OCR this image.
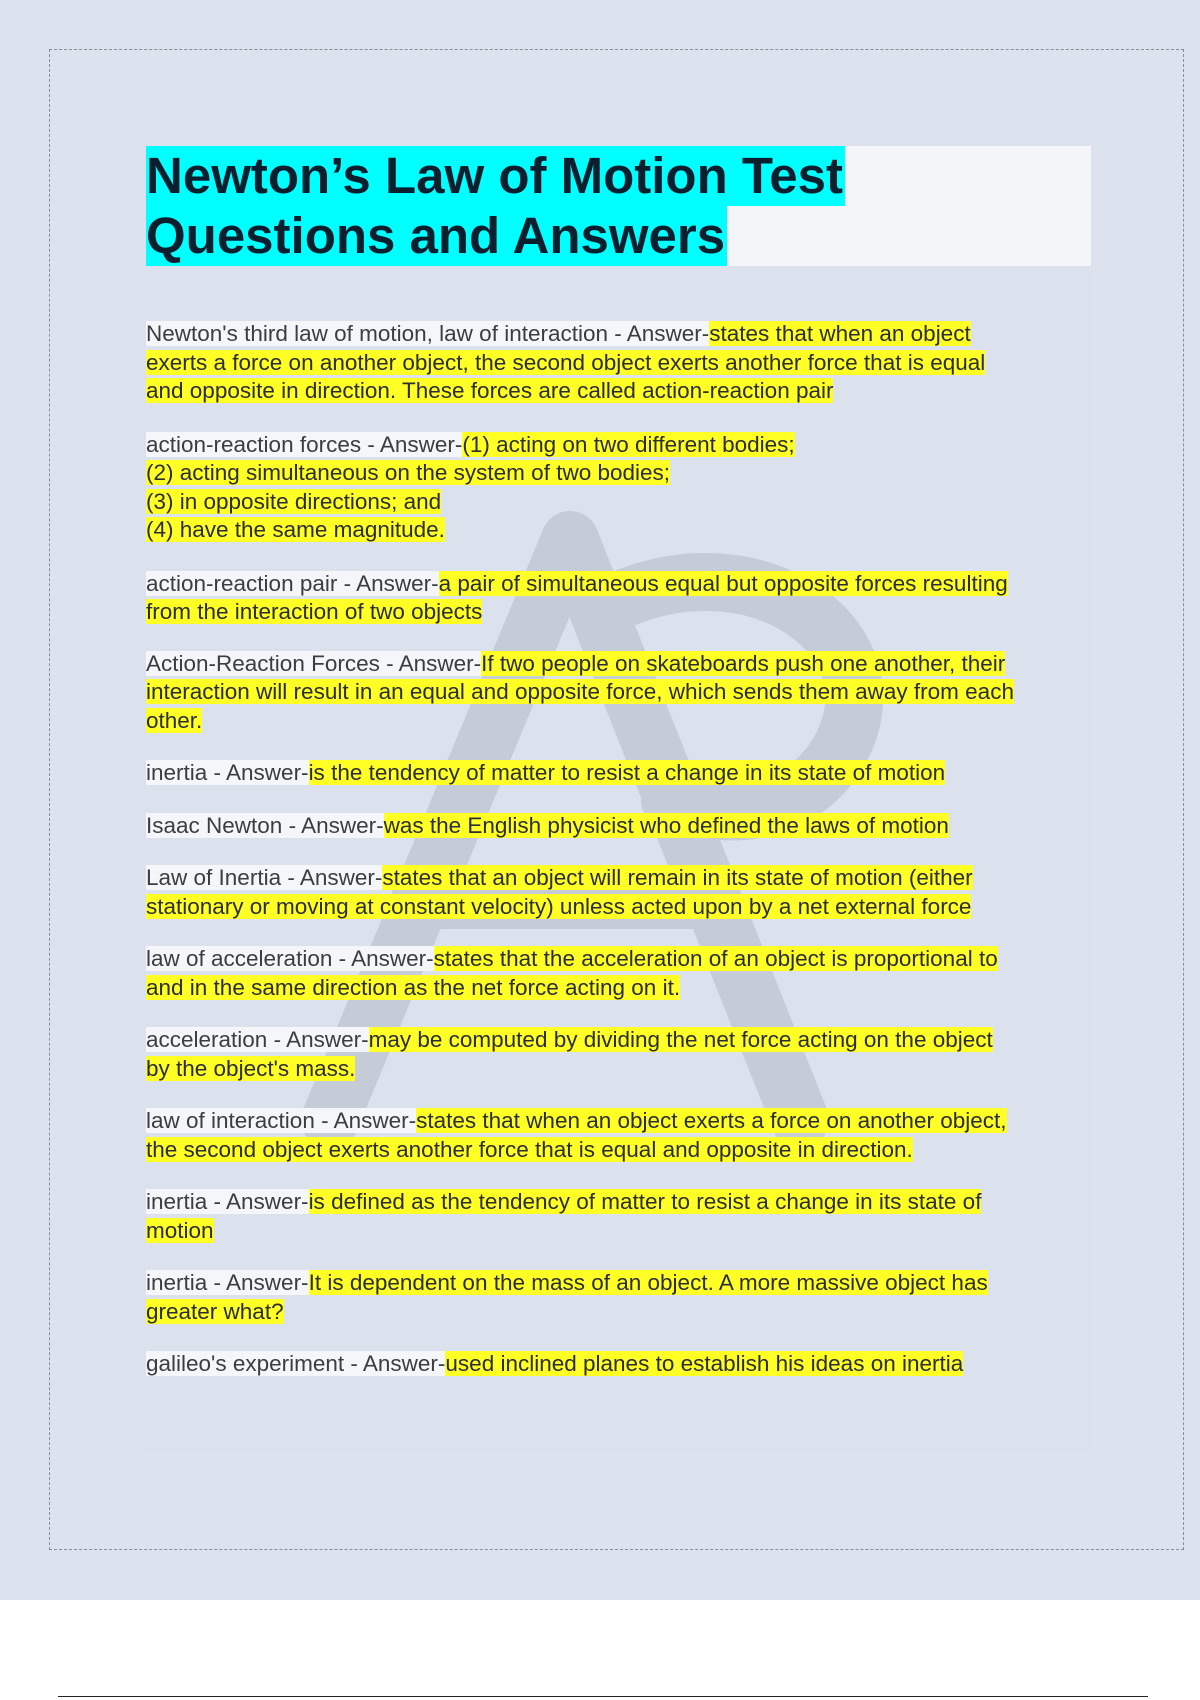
Newton’s Law of Motion Test
Questions and Answers

Newton's third law of motion, law of interaction - Answer-states that when an object
exerts a force on another object, the second object exerts another force that is equal
and opposite in direction. These forces are called action-reaction pair

action-reaction forces - Answer-(1) acting on two different bodies;
(2) acting simultaneous on the system of two bodies;
(3) in opposite directions; and
(4) have the same magnitude.

action-reaction pair - Answer-a pair of simultaneous equal but opposite forces resulting
from the interaction of two objects

Action-Reaction Forces - Answer-If two people on skateboards push one another, their
interaction will result in an equal and opposite force, which sends them away from each
other.

inertia - Answer-is the tendency of matter to resist a change in its state of motion

Isaac Newton - Answer-was the English physicist who defined the laws of motion

Law of Inertia - Answer-states that an object will remain in its state of motion (either
stationary or moving at constant velocity) unless acted upon by a net external force

law of acceleration - Answer-states that the acceleration of an object is proportional to
and in the same direction as the net force acting on it.

acceleration - Answer-may be computed by dividing the net force acting on the object
by the object's mass.

law of interaction - Answer-states that when an object exerts a force on another object,
the second object exerts another force that is equal and opposite in direction.

inertia - Answer-is defined as the tendency of matter to resist a change in its state of
motion

inertia - Answer-It is dependent on the mass of an object. A more massive object has
greater what?

galileo's experiment - Answer-used inclined planes to establish his ideas on inertia
